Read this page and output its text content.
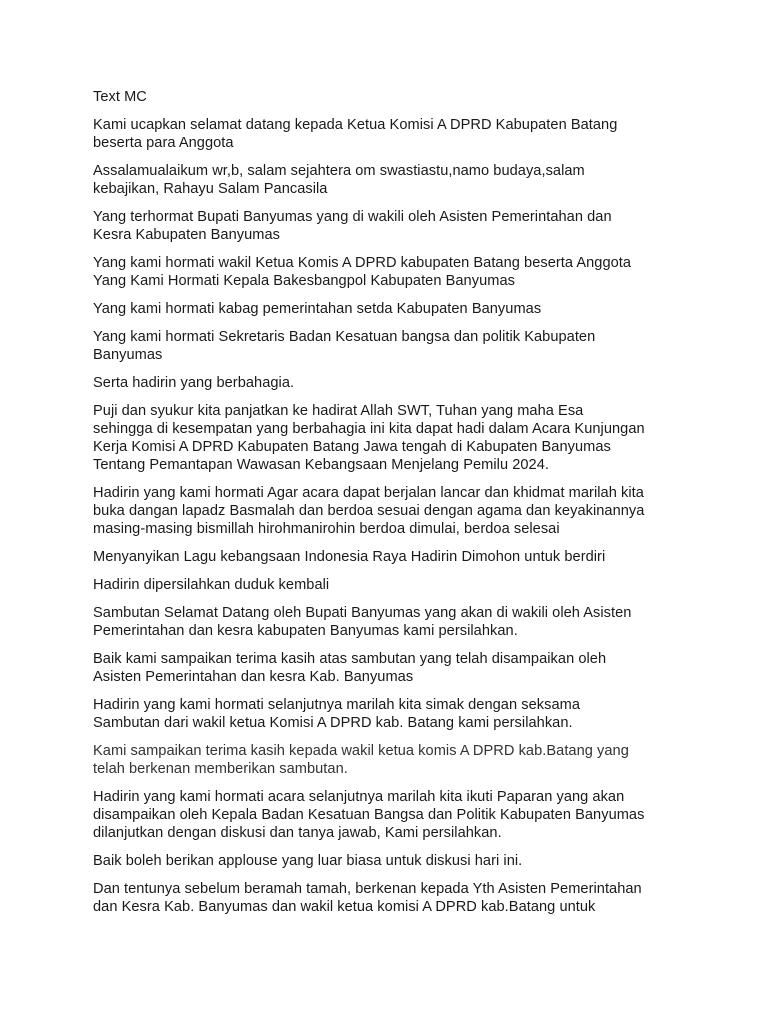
Text MC

Kami ucapkan selamat datang kepada Ketua Komisi A DPRD Kabupaten Batang
beserta para Anggota

Assalamualaikum wr,b, salam sejahtera om swastiastu,namo budaya,salam
kebajikan, Rahayu Salam Pancasila

Yang terhormat Bupati Banyumas yang di wakili oleh Asisten Pemerintahan dan
Kesra Kabupaten Banyumas

Yang kami hormati wakil Ketua Komis A DPRD kabupaten Batang beserta Anggota
Yang Kami Hormati Kepala Bakesbangpol Kabupaten Banyumas

Yang kami hormati kabag pemerintahan setda Kabupaten Banyumas

Yang kami hormati Sekretaris Badan Kesatuan bangsa dan politik Kabupaten
Banyumas

Serta hadirin yang berbahagia.

Puji dan syukur kita panjatkan ke hadirat Allah SWT, Tuhan yang maha Esa
sehingga di kesempatan yang berbahagia ini kita dapat hadi dalam Acara Kunjungan
Kerja Komisi A DPRD Kabupaten Batang Jawa tengah di Kabupaten Banyumas
Tentang Pemantapan Wawasan Kebangsaan Menjelang Pemilu 2024.

Hadirin yang kami hormati Agar acara dapat berjalan lancar dan khidmat marilah kita
buka dangan lapadz Basmalah dan berdoa sesuai dengan agama dan keyakinannya
masing-masing bismillah hirohmanirohin berdoa dimulai, berdoa selesai

Menyanyikan Lagu kebangsaan Indonesia Raya Hadirin Dimohon untuk berdiri

Hadirin dipersilahkan duduk kembali

Sambutan Selamat Datang oleh Bupati Banyumas yang akan di wakili oleh Asisten
Pemerintahan dan kesra kabupaten Banyumas kami persilahkan.

Baik kami sampaikan terima kasih atas sambutan yang telah disampaikan oleh
Asisten Pemerintahan dan kesra Kab. Banyumas

Hadirin yang kami hormati selanjutnya marilah kita simak dengan seksama
Sambutan dari wakil ketua Komisi A DPRD kab. Batang kami persilahkan.

Kami sampaikan terima kasih kepada wakil ketua komis A DPRD kab.Batang yang
telah berkenan memberikan sambutan.

Hadirin yang kami hormati acara selanjutnya marilah kita ikuti Paparan yang akan
disampaikan oleh Kepala Badan Kesatuan Bangsa dan Politik Kabupaten Banyumas
dilanjutkan dengan diskusi dan tanya jawab, Kami persilahkan.

Baik boleh berikan applouse yang luar biasa untuk diskusi hari ini.

Dan tentunya sebelum beramah tamah, berkenan kepada Yth Asisten Pemerintahan
dan Kesra Kab. Banyumas dan wakil ketua komisi A DPRD kab.Batang untuk
